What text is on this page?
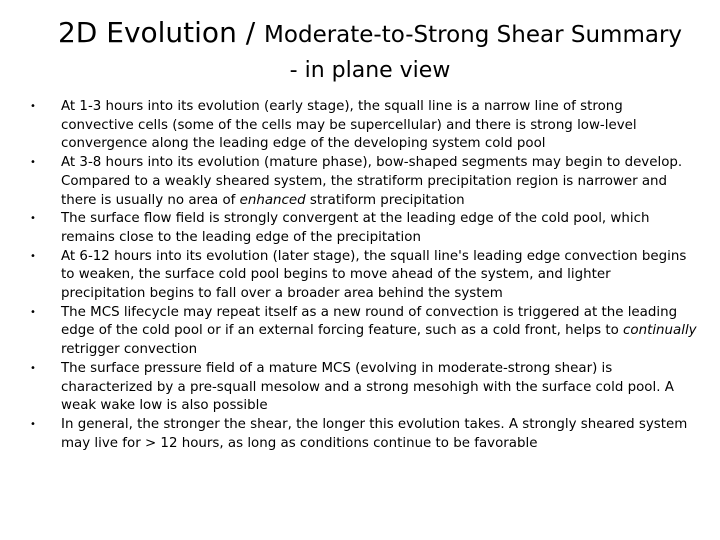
2D Evolution / Moderate-to-Strong Shear Summary
- in plane view
• At 1-3 hours into its evolution (early stage), the squall line is a narrow line of strong convective cells (some of the cells may be supercellular) and there is strong low-level convergence along the leading edge of the developing system cold pool
• At 3-8 hours into its evolution (mature phase), bow-shaped segments may begin to develop. Compared to a weakly sheared system, the stratiform precipitation region is narrower and there is usually no area of enhanced stratiform precipitation
• The surface flow field is strongly convergent at the leading edge of the cold pool, which remains close to the leading edge of the precipitation
• At 6-12 hours into its evolution (later stage), the squall line's leading edge convection begins to weaken, the surface cold pool begins to move ahead of the system, and lighter precipitation begins to fall over a broader area behind the system
• The MCS lifecycle may repeat itself as a new round of convection is triggered at the leading edge of the cold pool or if an external forcing feature, such as a cold front, helps to continually retrigger convection
• The surface pressure field of a mature MCS (evolving in moderate-strong shear) is characterized by a pre-squall mesolow and a strong mesohigh with the surface cold pool. A weak wake low is also possible
• In general, the stronger the shear, the longer this evolution takes. A strongly sheared system may live for > 12 hours, as long as conditions continue to be favorable
